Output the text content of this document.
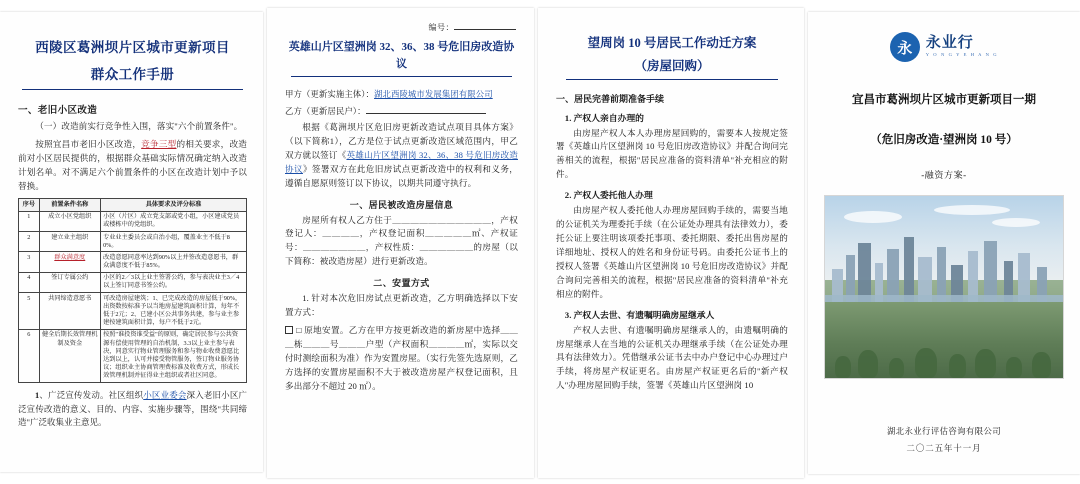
西陵区葛洲坝片区城市更新项目
群众工作手册
一、老旧小区改造

（一）改造前实行竞争性入围，落实"六个前置条件"。

按照宜昌市老旧小区改造，竞争三型的相关要求，改造前对小区居民提供的，根据群众基础实际情况确定纳入改造计划名单。对不满足六个前置条件的小区在改造计划中予以替换。

序号	前置条件名称	具体要求及评分标准
1	成立小区党组织	小区（片区）成立党支部或党小组，小区建成党员或楼栋中的党组织。
2	建立业主组织	专业业主委员会或自治小组，覆盖业主不低于80%。
3	群众满意度	改造意愿同意率达到90%以上并签改造意愿书，群众满意度不低于85%。
4	签订专属公约	小区的2／3以上业主签署公约，参与表决业主3／4以上签订同意书签公约。
5	共同缔造意愿书	可改造房屋建筑；1、已完成改造的房屋低于90%，出资数按标准予以当地房屋建筑面积计算，每年不低于2元；2、已建小区公共事务共建，参与业主参建按建筑面积计算，每户不低于2元。
6	健全后期长效管理机制及资金	按照"谁投资谁受益"的原则，确定居民参与公共资源有偿使用管理的自治机制，3.3以上业主参与表决，同意实行物业管理服务和参与物业收费意愿比达到以上，认可并接受物管服务，签订物业服务协议；组织业主协商管理费标准及收费方式，形成长效管理机制并征得业主组织或者社区同意。

1、广泛宣传发动。社区组织小区业委会深入老旧小区广泛宣传改造的意义、目的、内容、实施步骤等，围绕"共同缔造"广泛收集业主意见。

编号：
英雄山片区望洲岗 32、36、38 号危旧房改造协议
甲方（更新实施主体）：湖北西陵城市发展集团有限公司
乙方（更新居民户）：

根据《葛洲坝片区危旧房更新改造试点项目具体方案》（以下简称1），乙方是位于试点更新改造区域范围内，甲乙双方就以签订《英雄山片区望洲岗 32、36、38 号危旧房改造协议》签署双方在此危旧房试点更新改造中的权利和义务，遵循自愿原则签订以下协议，以期共同遵守执行。

一、居民被改造房屋信息

房屋所有权人乙方住于＿＿＿＿＿＿＿＿＿＿＿，产权登记人：＿＿＿＿，产权登记面积＿＿＿＿＿㎡、产权证号：＿＿＿＿＿＿＿，产权性质：＿＿＿＿＿＿的房屋（以下简称：被改造房屋）进行更新改造。

二、安置方式

1. 针对本次危旧房试点更新改造，乙方明确选择以下安置方式：

□ 原地安置。乙方在甲方按更新改造的新房屋中选择＿＿＿栋＿＿＿号＿＿＿户型（产权面积＿＿＿＿㎡，实际以交付时测绘面积为准）作为安置房屋。（实行先签先选原则，乙方选择的安置房屋面积不大于被改造房屋产权登记面积，且多出部分不超过 20 ㎡）。

望周岗 10 号居民工作动迁方案
（房屋回购）
一、居民完善前期准备手续
1. 产权人亲自办理的

由房屋产权人本人办理房屋回购的，需要本人按规定签署《英雄山片区望洲岗 10 号危旧房改造协议》并配合询问完善相关的流程，根据"居民应准备的资料清单"补充相应的附件。

2. 产权人委托他人办理

由房屋产权人委托他人办理房屋回购手续的，需要当地的公证机关为理委托手续（在公证处办理具有法律效力），委托公证上要注明该项委托事项、委托期限、委托出售房屋的详细地址、授权人的姓名和身份证号码。由委托公证书上的授权人签署《英雄山片区望洲岗 10 号危旧房改造协议》并配合询问完善相关的流程，根据"居民应准备的资料清单"补充相应的附件。

3. 产权人去世、有遗嘱明确房屋继承人

产权人去世、有遗嘱明确房屋继承人的，由遗嘱明确的房屋继承人在当地的公证机关办理继承手续（在公证处办理具有法律效力）。凭借继承公证书去中办户登记中心办理过户手续，将房屋产权证更名。由房屋产权证更名后的"新产权人"办理房屋回购手续，签署《英雄山片区望洲岗 10

永 永业行
Y O N G Y E H A N G
宜昌市葛洲坝片区城市更新项目一期
（危旧房改造·望洲岗 10 号）
-融资方案-
湖北永业行评估咨询有限公司
二〇二五年十一月
